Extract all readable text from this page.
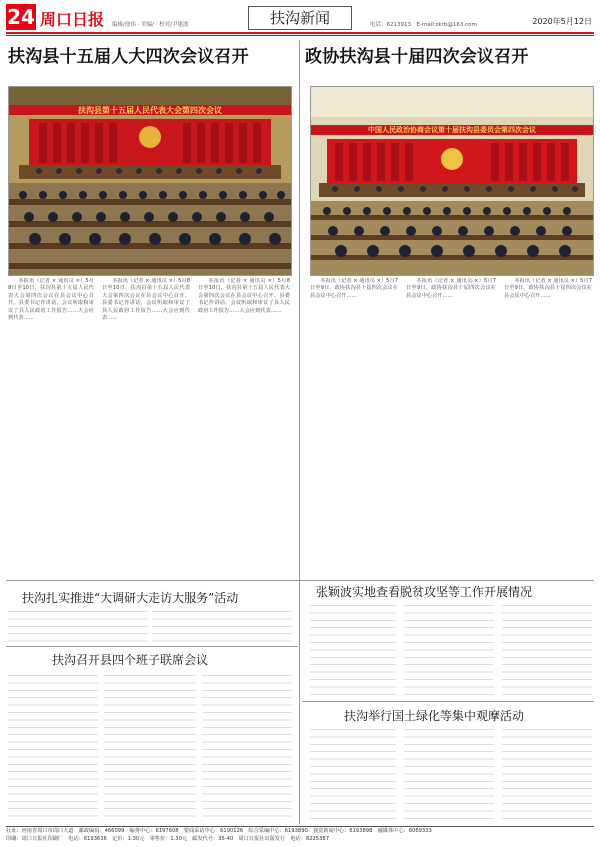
24 周口日报 编辑/徐伟 · 美编/ · 校对/尹建波	扶沟新闻	电话：6213913　E-mail:zkrb@163.com	2020年5月12日
扶沟县十五届人大四次会议召开	政协扶沟县十届四次会议召开
扶沟县第十五届人民代表大会第四次会议
中国人民政治协商会议第十届扶沟县委员会第四次会议

本报讯（记者 × 通讯员 ×）5月8日至10日，扶沟县第十五届人民代表大会第四次会议在县会议中心召开。县委书记作讲话，会议听取和审议了县人民政府工作报告……大会应到代表……

本报讯（记者 × 通讯员 ×）5月8日至10日，扶沟县第十五届人民代表大会第四次会议在县会议中心召开。县委书记作讲话，会议听取和审议了县人民政府工作报告……大会应到代表……

本报讯（记者 × 通讯员 ×）5月8日至10日，扶沟县第十五届人民代表大会第四次会议在县会议中心召开。县委书记作讲话，会议听取和审议了县人民政府工作报告……大会应到代表……

本报讯（记者 × 通讯员 ×）5月7日至9日，政协扶沟县十届四次会议在县会议中心召开……

本报讯（记者 × 通讯员 ×）5月7日至9日，政协扶沟县十届四次会议在县会议中心召开……

本报讯（记者 × 通讯员 ×）5月7日至9日，政协扶沟县十届四次会议在县会议中心召开……

扶沟扎实推进“大调研大走访大服务”活动
扶沟召开县四个班子联席会议
张颖波实地查看脱贫攻坚等工作开展情况
扶沟举行国土绿化等集中观摩活动
社址：河南省周口市周口大道　邮政编码：466099　编务中心：6197608　要闻采访中心：6190126　综合采编中心：6193890　视觉新闻中心：6193898　融媒体中心：6069333
印刷：周口日报社印刷厂　电话：6193616　定价：1.30元　零售价：1.30元　邮发代号：35-40　周口日报社出版发行　电话：8225387
